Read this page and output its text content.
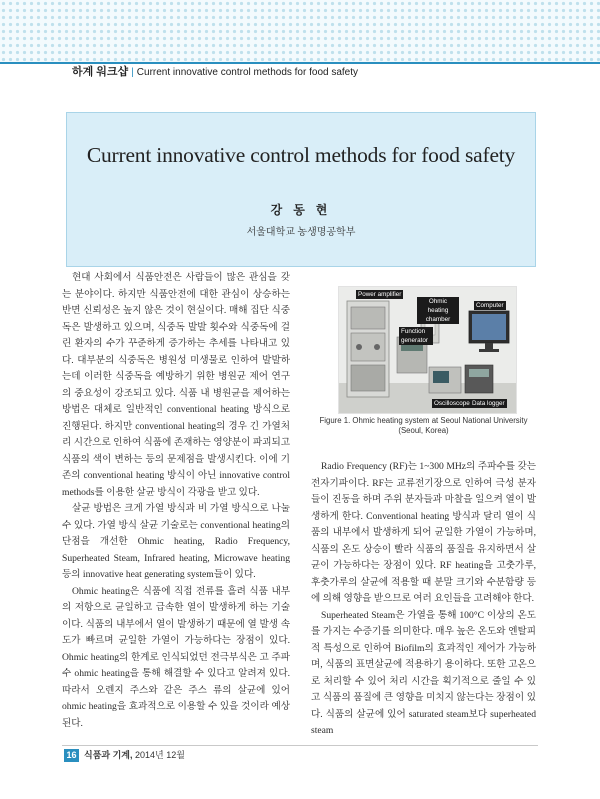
하계 워크샵 | Current innovative control methods for food safety
Current innovative control methods for food safety
강 동 현
서울대학교 농생명공학부

현대 사회에서 식품안전은 사람들이 많은 관심을 갖는 분야이다. 하지만 식품안전에 대한 관심이 상승하는 반면 신뢰성은 높지 않은 것이 현실이다. 매해 집단 식중독은 발생하고 있으며, 식중독 발발 횟수와 식중독에 걸린 환자의 수가 꾸준하게 증가하는 추세를 나타내고 있다. 대부분의 식중독은 병원성 미생물로 인하여 발발하는데 이러한 식중독을 예방하기 위한 병원균 제어 연구의 중요성이 강조되고 있다. 식품 내 병원균을 제어하는 방법은 대체로 일반적인 conventional heating 방식으로 진행된다. 하지만 conventional heating의 경우 긴 가열처리 시간으로 인하여 식품에 존재하는 영양분이 파괴되고 식품의 색이 변하는 등의 문제점을 발생시킨다. 이에 기존의 conventional heating 방식이 아닌 innovative control methods를 이용한 살균 방식이 각광을 받고 있다.

살균 방법은 크게 가열 방식과 비 가열 방식으로 나눌 수 있다. 가열 방식 살균 기술로는 conventional heating의 단점을 개선한 Ohmic heating, Radio Frequency, Superheated Steam, Infrared heating, Microwave heating 등의 innovative heat generating system들이 있다.

Ohmic heating은 식품에 직접 전류를 흘려 식품 내부의 저항으로 균일하고 급속한 열이 발생하게 하는 기술이다. 식품의 내부에서 열이 발생하기 때문에 열 발생 속도가 빠르며 균일한 가열이 가능하다는 장점이 있다. Ohmic heating의 한계로 인식되었던 전극부식은 고 주파수 ohmic heating을 통해 해결할 수 있다고 알려져 있다. 따라서 오렌지 주스와 같은 주스 류의 살균에 있어 ohmic heating을 효과적으로 이용할 수 있을 것이라 예상된다.

Power amplifier
Ohmic heating chamber
Computer
Function generator
Oscilloscope Data logger
Figure 1. Ohmic heating system at Seoul National University (Seoul, Korea)

Radio Frequency (RF)는 1~300 MHz의 주파수를 갖는 전자기파이다. RF는 교류전기장으로 인하여 극성 분자들이 진동을 하며 주위 분자들과 마찰을 일으켜 열이 발생하게 한다. Conventional heating 방식과 달리 열이 식품의 내부에서 발생하게 되어 균일한 가열이 가능하며, 식품의 온도 상승이 빨라 식품의 품질을 유지하면서 살균이 가능하다는 장점이 있다. RF heating을 고춧가루, 후춧가루의 살균에 적용할 때 분말 크기와 수분함량 등에 의해 영향을 받으므로 여러 요인들을 고려해야 한다.

Superheated Steam은 가열을 통해 100°C 이상의 온도를 가지는 수증기를 의미한다. 매우 높은 온도와 엔탈피적 특성으로 인하여 Biofilm의 효과적인 제어가 가능하며, 식품의 표면살균에 적용하기 용이하다. 또한 고온으로 처리할 수 있어 처리 시간을 획기적으로 줄일 수 있고 식품의 품질에 큰 영향을 미치지 않는다는 장점이 있다. 식품의 살균에 있어 saturated steam보다 superheated steam

16 식품과 기계, 2014년 12월
